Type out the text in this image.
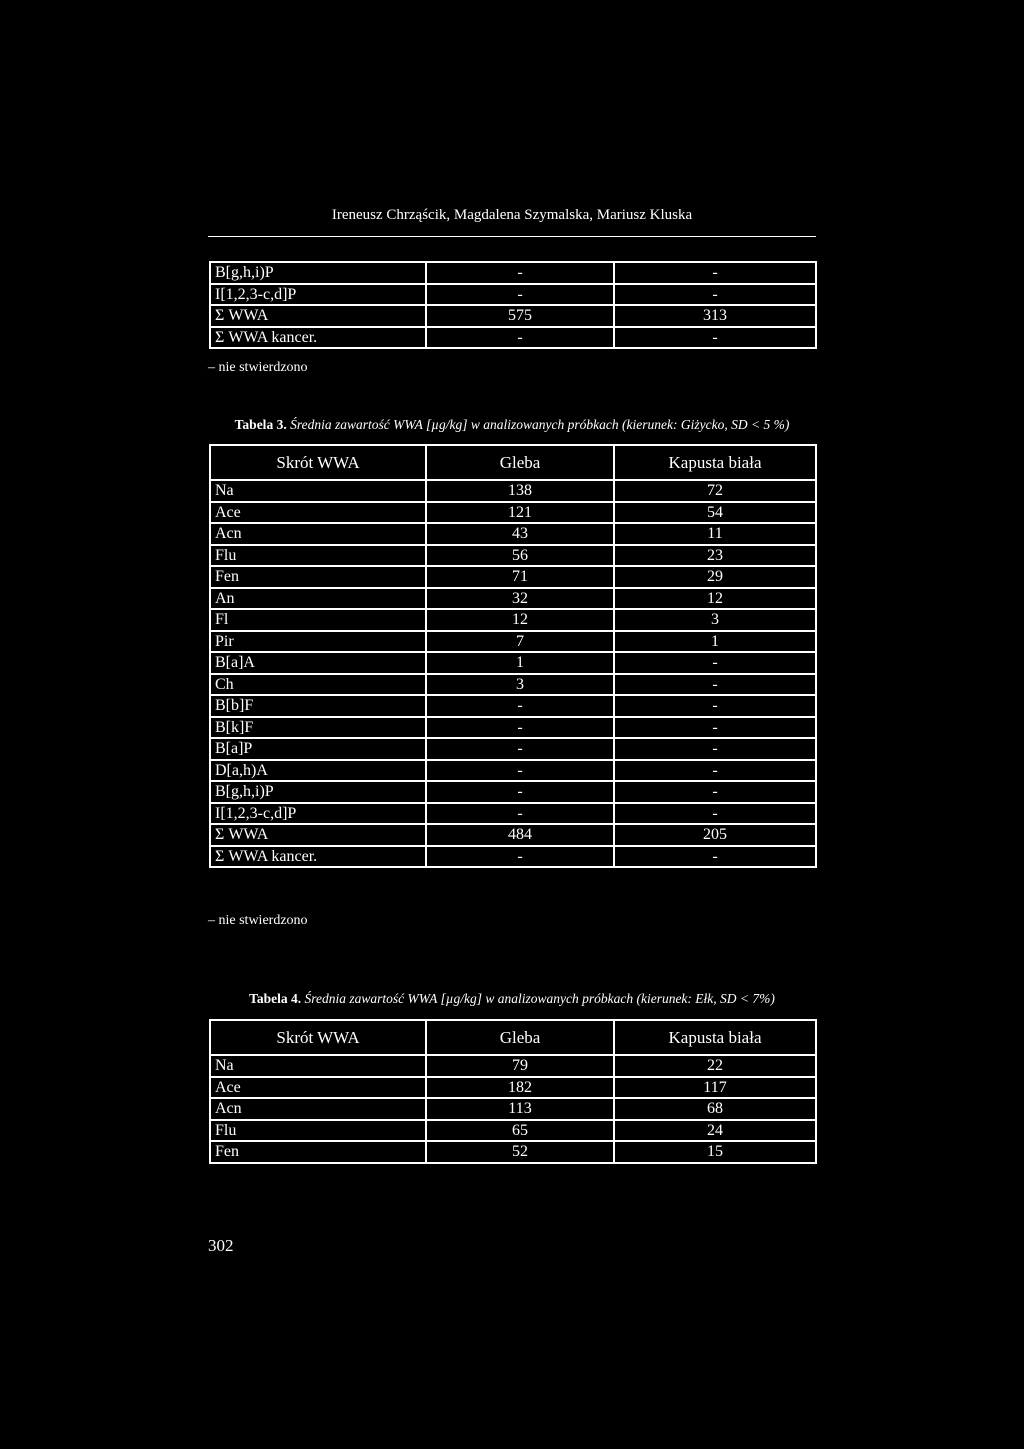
Ireneusz Chrząścik, Magdalena Szymalska, Mariusz Kluska
B[g,h,i)P	-	-
I[1,2,3-c,d]P	-	-
Σ WWA	575	313
Σ WWA kancer.	-	-
– nie stwierdzono
Tabela 3. Średnia zawartość WWA [µg/kg] w analizowanych próbkach (kierunek: Giżycko, SD < 5 %)
Skrót WWA	Gleba	Kapusta biała
Na	138	72
Ace	121	54
Acn	43	11
Flu	56	23
Fen	71	29
An	32	12
Fl	12	3
Pir	7	1
B[a]A	1	-
Ch	3	-
B[b]F	-	-
B[k]F	-	-
B[a]P	-	-
D[a,h)A	-	-
B[g,h,i)P	-	-
I[1,2,3-c,d]P	-	-
Σ WWA	484	205
Σ WWA kancer.	-	-
– nie stwierdzono
Tabela 4. Średnia zawartość WWA [µg/kg] w analizowanych próbkach (kierunek: Ełk, SD < 7%)
Skrót WWA	Gleba	Kapusta biała
Na	79	22
Ace	182	117
Acn	113	68
Flu	65	24
Fen	52	15
302
